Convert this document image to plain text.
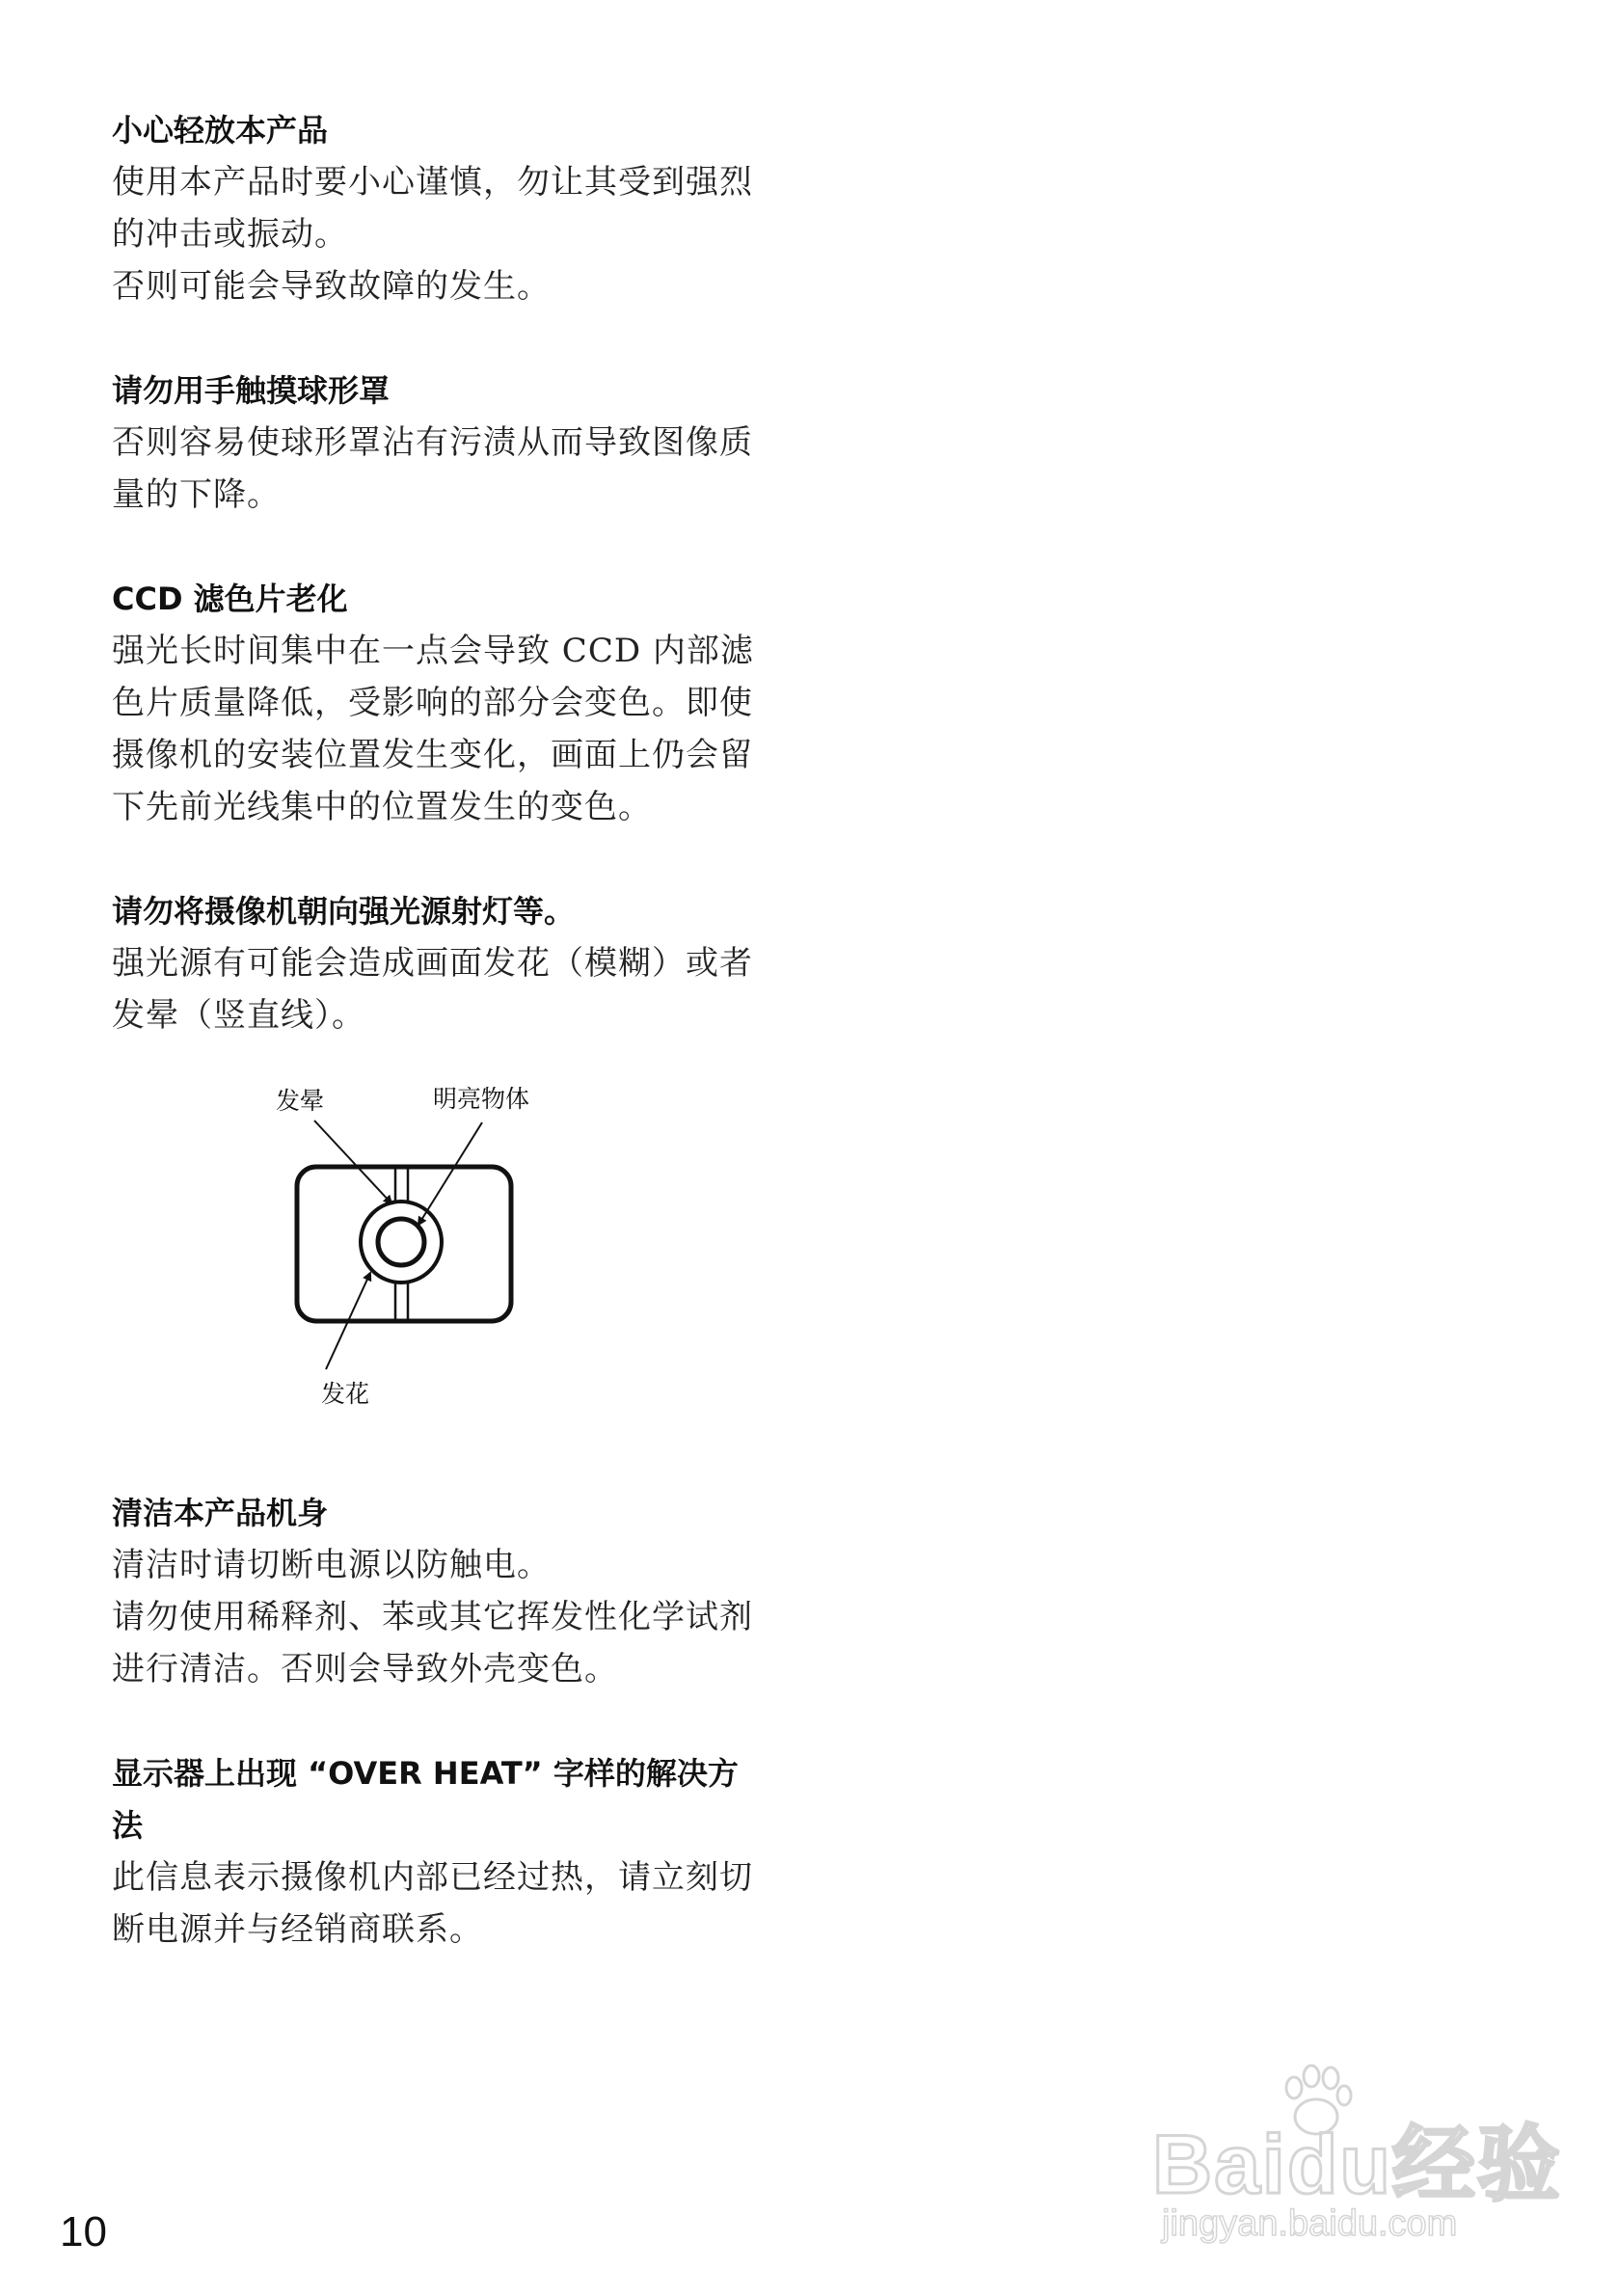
小心轻放本产品

使用本产品时要小心谨慎，勿让其受到强烈

的冲击或振动。

否则可能会导致故障的发生。

请勿用手触摸球形罩

否则容易使球形罩沾有污渍从而导致图像质

量的下降。

CCD 滤色片老化

强光长时间集中在一点会导致 CCD 内部滤

色片质量降低，受影响的部分会变色。即使

摄像机的安装位置发生变化，画面上仍会留

下先前光线集中的位置发生的变色。

请勿将摄像机朝向强光源射灯等。

强光源有可能会造成画面发花（模糊）或者

发晕（竖直线）。

发晕	明亮物体
发花

清洁本产品机身

清洁时请切断电源以防触电。

请勿使用稀释剂、苯或其它挥发性化学试剂

进行清洁。否则会导致外壳变色。

显示器上出现 “OVER HEAT” 字样的解决方

法

此信息表示摄像机内部已经过热，请立刻切

断电源并与经销商联系。

10
Baidu经验
jingyan.baidu.com
